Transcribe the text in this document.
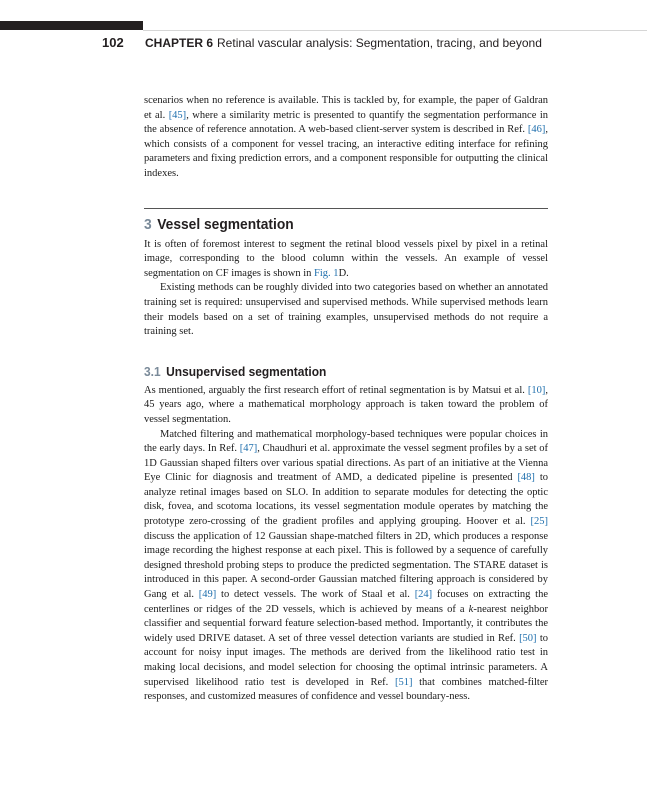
102 CHAPTER 6 Retinal vascular analysis: Segmentation, tracing, and beyond

scenarios when no reference is available. This is tackled by, for example, the paper of Galdran et al. [45], where a similarity metric is presented to quantify the segmentation performance in the absence of reference annotation. A web-based client-server system is described in Ref. [46], which consists of a component for vessel tracing, an interactive editing interface for refining parameters and fixing prediction errors, and a component responsible for outputting the clinical indexes.

3 Vessel segmentation

It is often of foremost interest to segment the retinal blood vessels pixel by pixel in a retinal image, corresponding to the blood column within the vessels. An example of vessel segmentation on CF images is shown in Fig. 1D.

Existing methods can be roughly divided into two categories based on whether an annotated training set is required: unsupervised and supervised methods. While supervised methods learn their models based on a set of training examples, unsupervised methods do not require a training set.

3.1 Unsupervised segmentation

As mentioned, arguably the first research effort of retinal segmentation is by Matsui et al. [10], 45 years ago, where a mathematical morphology approach is taken toward the problem of vessel segmentation.

Matched filtering and mathematical morphology-based techniques were popular choices in the early days. In Ref. [47], Chaudhuri et al. approximate the vessel segment profiles by a set of 1D Gaussian shaped filters over various spatial directions. As part of an initiative at the Vienna Eye Clinic for diagnosis and treatment of AMD, a dedicated pipeline is presented [48] to analyze retinal images based on SLO. In addition to separate modules for detecting the optic disk, fovea, and scotoma locations, its vessel segmentation module operates by matching the prototype zero-crossing of the gradient profiles and applying grouping. Hoover et al. [25] discuss the application of 12 Gaussian shape-matched filters in 2D, which produces a response image recording the highest response at each pixel. This is followed by a sequence of carefully designed threshold probing steps to produce the predicted segmentation. The STARE dataset is introduced in this paper. A second-order Gaussian matched filtering approach is considered by Gang et al. [49] to detect vessels. The work of Staal et al. [24] focuses on extracting the centerlines or ridges of the 2D vessels, which is achieved by means of a k-nearest neighbor classifier and sequential forward feature selection-based method. Importantly, it contributes the widely used DRIVE dataset. A set of three vessel detection variants are studied in Ref. [50] to account for noisy input images. The methods are derived from the likelihood ratio test in making local decisions, and model selection for choosing the optimal intrinsic parameters. A supervised likelihood ratio test is developed in Ref. [51] that combines matched-filter responses, and customized measures of confidence and vessel boundary-ness.
